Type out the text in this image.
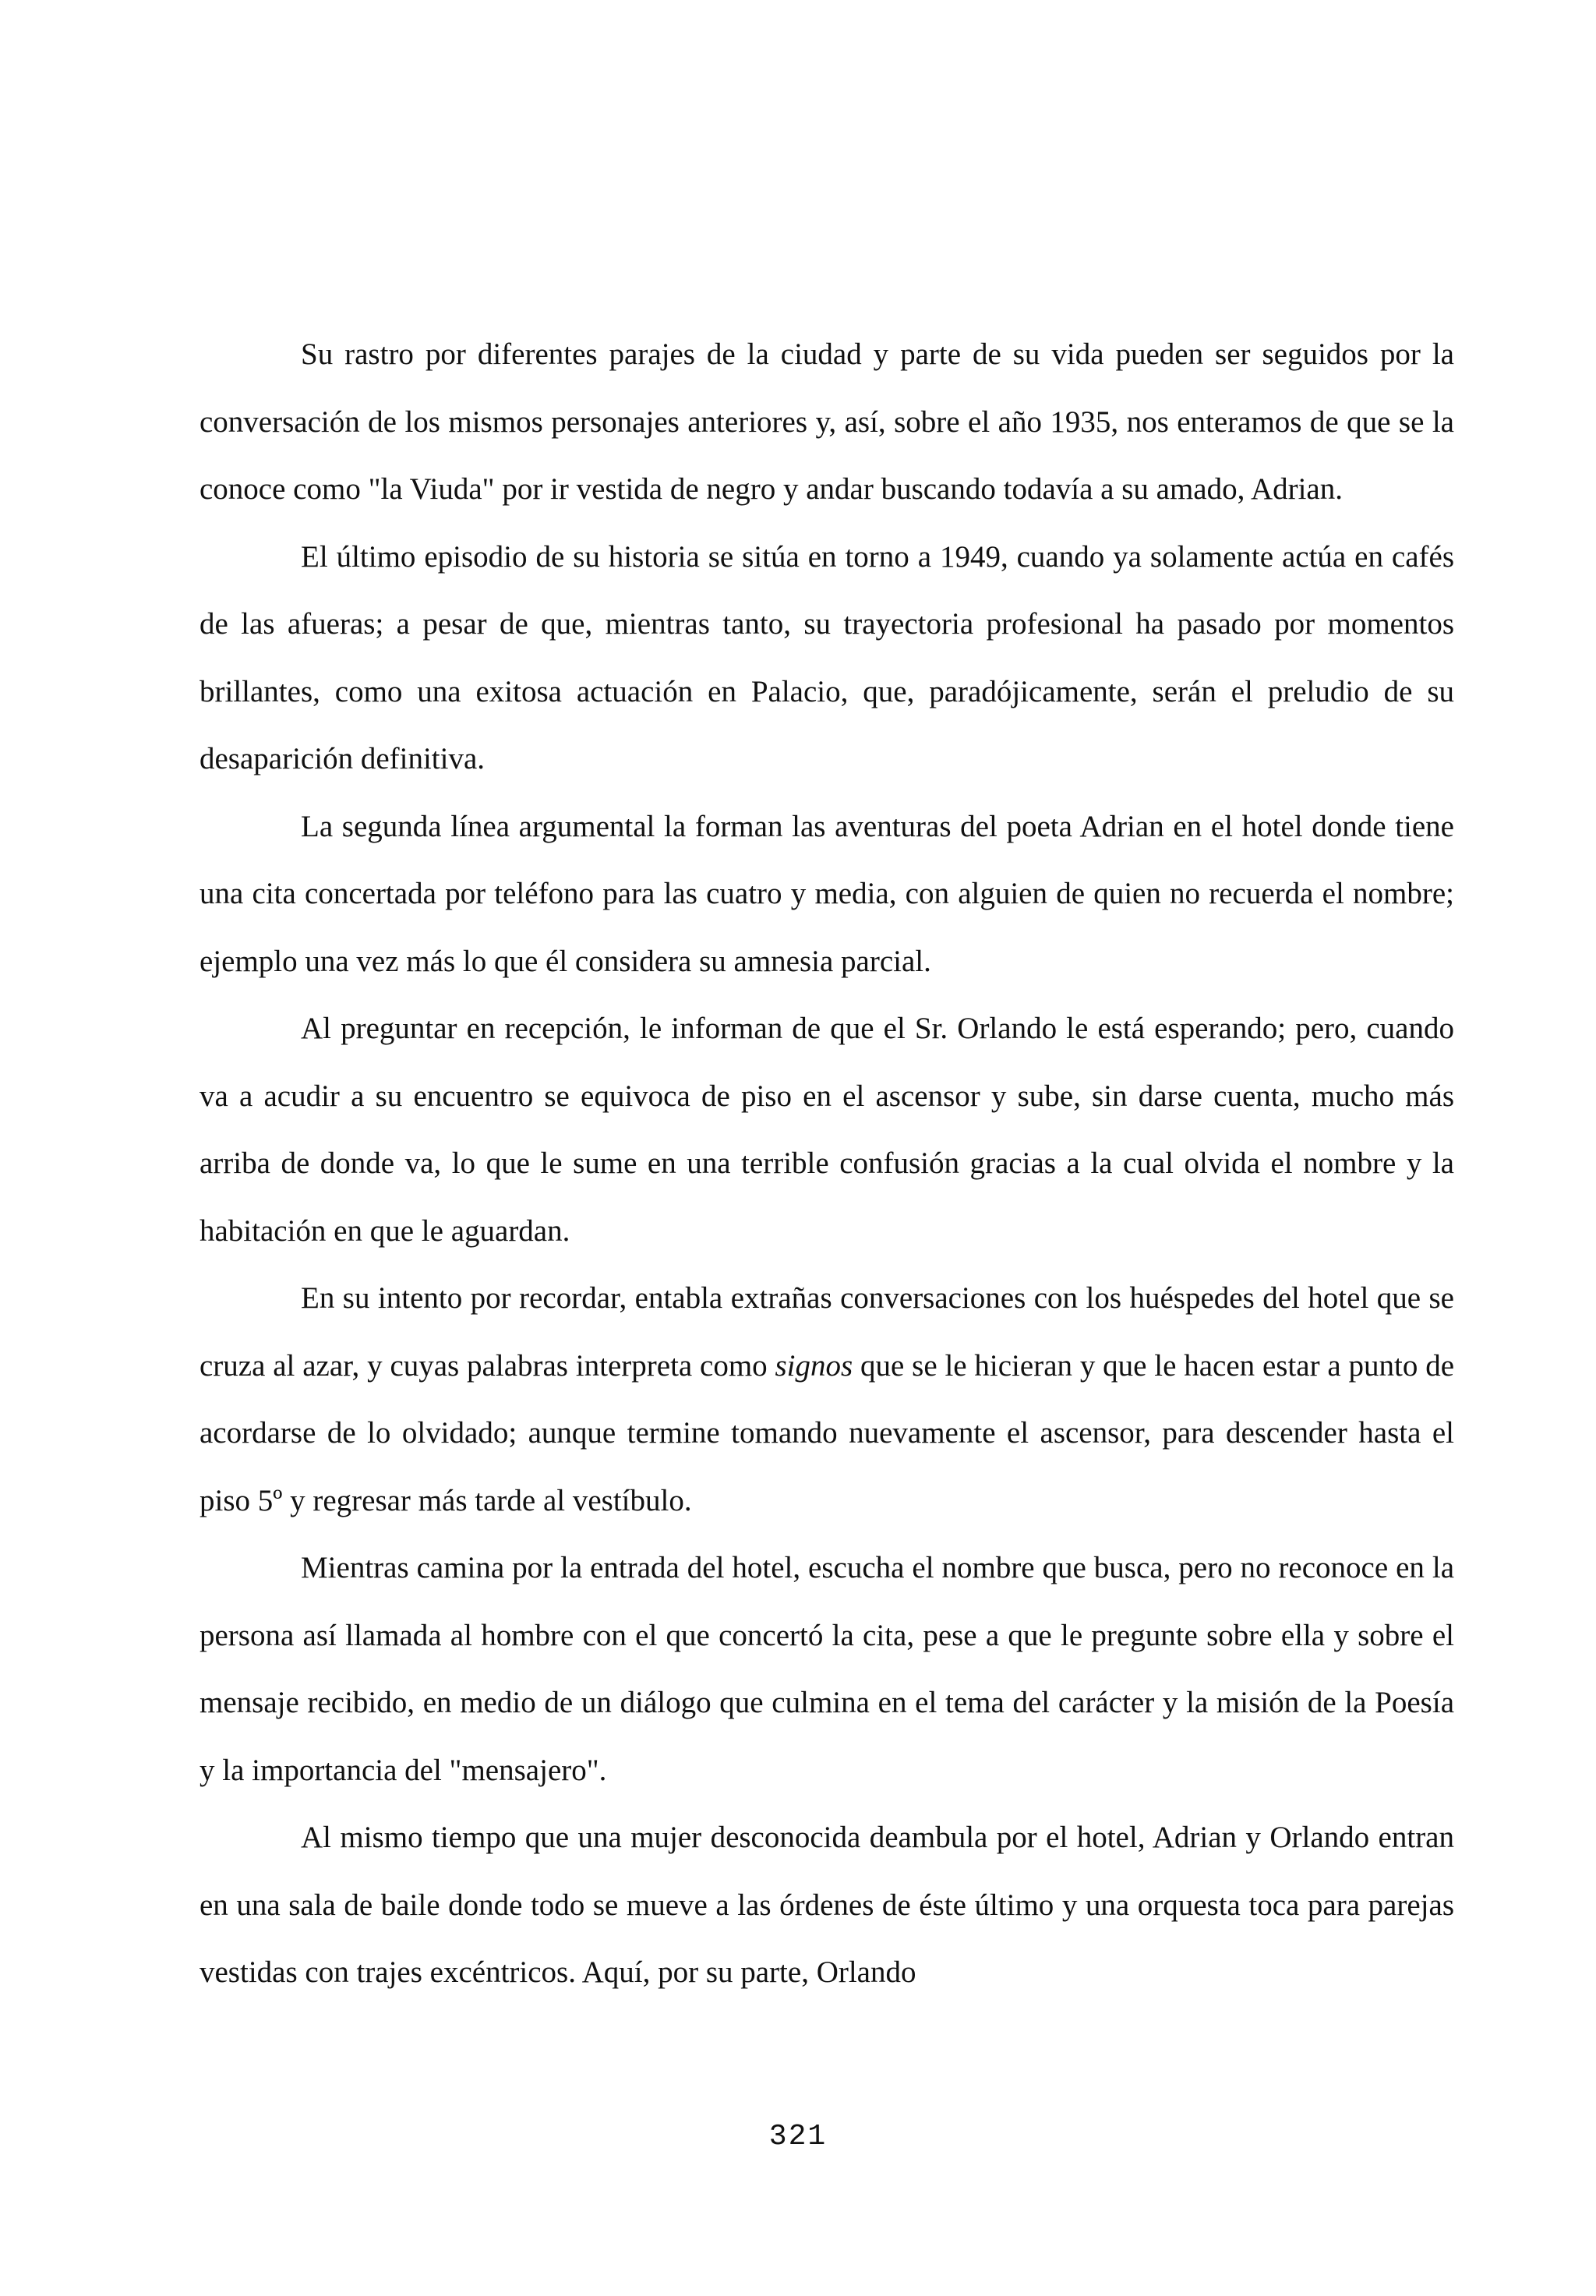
Su rastro por diferentes parajes de la ciudad y parte de su vida pueden ser seguidos por la conversación de los mismos personajes anteriores y, así, sobre el año 1935, nos enteramos de que se la conoce como "la Viuda" por ir vestida de negro y andar buscando todavía a su amado, Adrian.

El último episodio de su historia se sitúa en torno a 1949, cuando ya solamente actúa en cafés de las afueras; a pesar de que, mientras tanto, su trayectoria profesional ha pasado por momentos brillantes, como una exitosa actuación en Palacio, que, paradójicamente, serán el preludio de su desaparición definitiva.

La segunda línea argumental la forman las aventuras del poeta Adrian en el hotel donde tiene una cita concertada por teléfono para las cuatro y media, con alguien de quien no recuerda el nombre; ejemplo una vez más lo que él considera su amnesia parcial.

Al preguntar en recepción, le informan de que el Sr. Orlando le está esperando; pero, cuando va a acudir a su encuentro se equivoca de piso en el ascensor y sube, sin darse cuenta, mucho más arriba de donde va, lo que le sume en una terrible confusión gracias a la cual olvida el nombre y la habitación en que le aguardan.

En su intento por recordar, entabla extrañas conversaciones con los huéspedes del hotel que se cruza al azar, y cuyas palabras interpreta como signos que se le hicieran y que le hacen estar a punto de acordarse de lo olvidado; aunque termine tomando nuevamente el ascensor, para descender hasta el piso 5º y regresar más tarde al vestíbulo.

Mientras camina por la entrada del hotel, escucha el nombre que busca, pero no reconoce en la persona así llamada al hombre con el que concertó la cita, pese a que le pregunte sobre ella y sobre el mensaje recibido, en medio de un diálogo que culmina en el tema del carácter y la misión de la Poesía y la importancia del "mensajero".

Al mismo tiempo que una mujer desconocida deambula por el hotel, Adrian y Orlando entran en una sala de baile donde todo se mueve a las órdenes de éste último y una orquesta toca para parejas vestidas con trajes excéntricos. Aquí, por su parte, Orlando

321
